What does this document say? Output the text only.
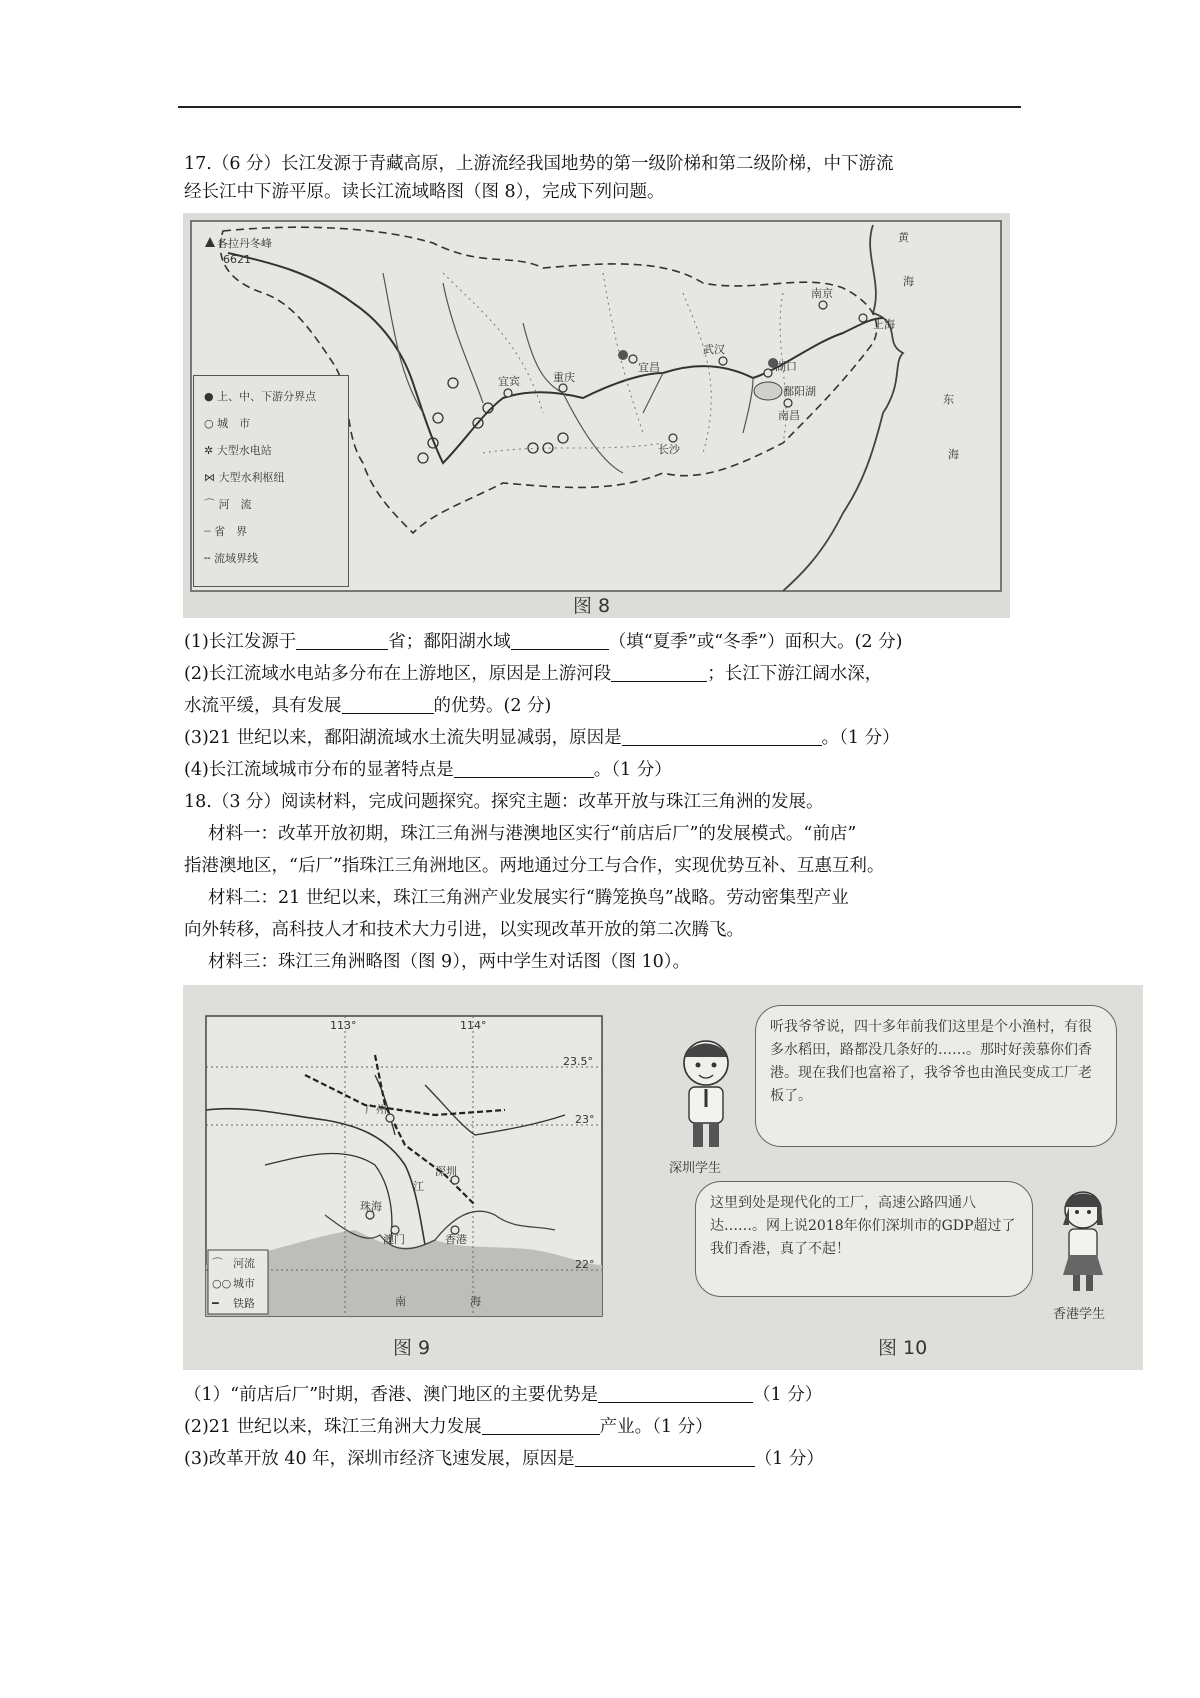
17.（6 分）长江发源于青藏高原，上游流经我国地势的第一级阶梯和第二级阶梯，中下游流
经长江中下游平原。读长江流域略图（图 8），完成下列问题。
各拉丹冬峰
6621
黄
海
东
海
南京
上海
武汉
宜昌
宜宾	重庆
长沙
湖口
南昌
鄱阳湖
● 上、中、下游分界点
○ 城　市
✲ 大型水电站
⋈ 大型水利枢纽
⌒ 河　流
┈ 省　界
╌ 流域界线
图 8
(1)长江发源于	省；鄱阳湖水域	（填“夏季”或“冬季”）面积大。(2 分)
(2)长江流域水电站多分布在上游地区，原因是上游河段	；长江下游江阔水深，
水流平缓，具有发展	的优势。(2 分)
(3)21 世纪以来，鄱阳湖流域水土流失明显减弱，原因是	。（1 分）
(4)长江流域城市分布的显著特点是	。（1 分）
18.（3 分）阅读材料，完成问题探究。探究主题：改革开放与珠江三角洲的发展。
材料一：改革开放初期，珠江三角洲与港澳地区实行“前店后厂”的发展模式。“前店”
指港澳地区，“后厂”指珠江三角洲地区。两地通过分工与合作，实现优势互补、互惠互利。
材料二：21 世纪以来，珠江三角洲产业发展实行“腾笼换鸟”战略。劳动密集型产业
向外转移，高科技人才和技术大力引进，以实现改革开放的第二次腾飞。
材料三：珠江三角洲略图（图 9），两中学生对话图（图 10）。
113°	114°
23.5°
23°
22°
广州
深圳
珠海
澳门	香港
江
南	海
⌒ 河流
○○ 城市
━ 铁路
图 9
深圳学生
听我爷爷说，四十多年前我们这里是个小渔村，有很多水稻田，路都没几条好的……。那时好羡慕你们香港。现在我们也富裕了，我爷爷也由渔民变成工厂老板了。
这里到处是现代化的工厂，高速公路四通八达……。网上说2018年你们深圳市的GDP超过了我们香港，真了不起！
香港学生
图 10
（1）“前店后厂”时期，香港、澳门地区的主要优势是	（1 分）
(2)21 世纪以来，珠江三角洲大力发展	产业。（1 分）
(3)改革开放 40 年，深圳市经济飞速发展，原因是	（1 分）
